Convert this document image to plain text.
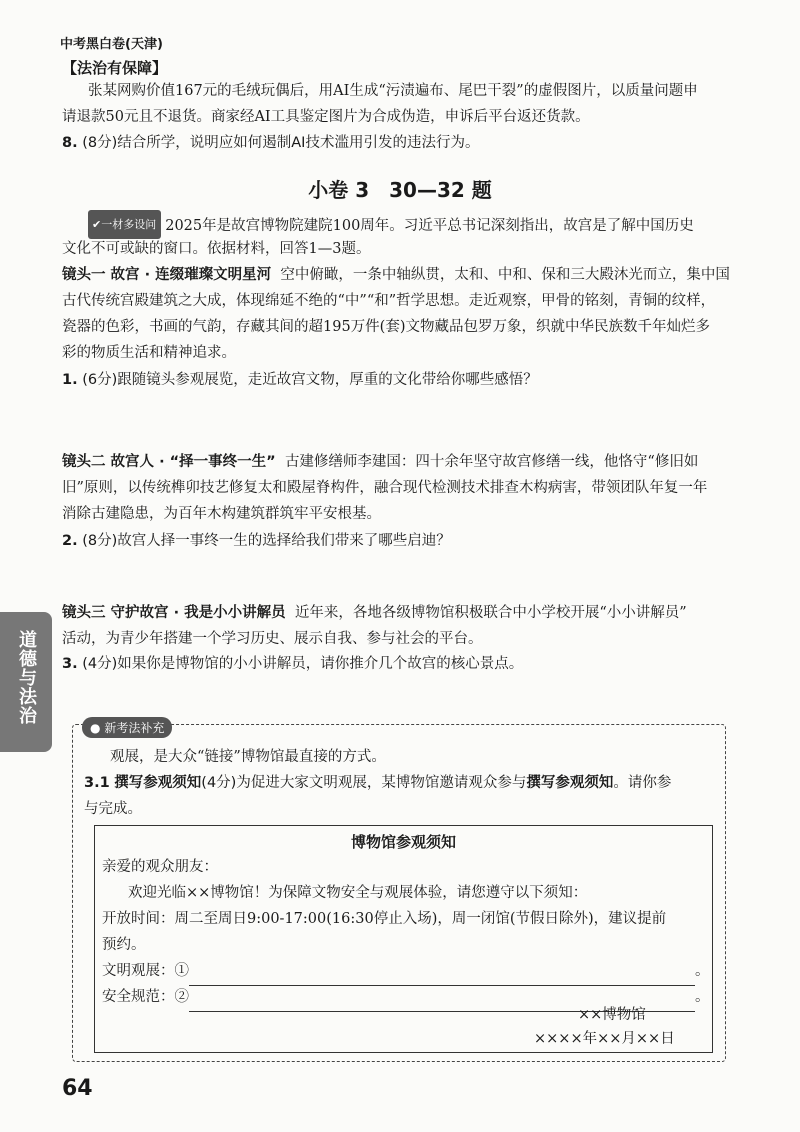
中考黑白卷(天津)
【法治有保障】
张某网购价值167元的毛绒玩偶后，用AI生成“污渍遍布、尾巴干裂”的虚假图片，以质量问题申
请退款50元且不退货。商家经AI工具鉴定图片为合成伪造，申诉后平台返还货款。
8. (8分)结合所学，说明应如何遏制AI技术滥用引发的违法行为。
小卷 3　30—32 题
✔一材多设问 2025年是故宫博物院建院100周年。习近平总书记深刻指出，故宫是了解中国历史
文化不可或缺的窗口。依据材料，回答1—3题。
镜头一 故宫 · 连缀璀璨文明星河 空中俯瞰，一条中轴纵贯，太和、中和、保和三大殿沐光而立，集中国
古代传统宫殿建筑之大成，体现绵延不绝的“中”“和”哲学思想。走近观察，甲骨的铭刻，青铜的纹样，
瓷器的色彩，书画的气韵，存藏其间的超195万件(套)文物藏品包罗万象，织就中华民族数千年灿烂多
彩的物质生活和精神追求。
1. (6分)跟随镜头参观展览，走近故宫文物，厚重的文化带给你哪些感悟？
镜头二 故宫人 · “择一事终一生” 古建修缮师李建国：四十余年坚守故宫修缮一线，他恪守“修旧如
旧”原则，以传统榫卯技艺修复太和殿屋脊构件，融合现代检测技术排查木构病害，带领团队年复一年
消除古建隐患，为百年木构建筑群筑牢平安根基。
2. (8分)故宫人择一事终一生的选择给我们带来了哪些启迪？
镜头三 守护故宫 · 我是小小讲解员 近年来，各地各级博物馆积极联合中小学校开展“小小讲解员”
活动，为青少年搭建一个学习历史、展示自我、参与社会的平台。
3. (4分)如果你是博物馆的小小讲解员，请你推介几个故宫的核心景点。
道德与法治
● 新考法补充
观展，是大众“链接”博物馆最直接的方式。
3.1 撰写参观须知(4分)为促进大家文明观展，某博物馆邀请观众参与撰写参观须知。请你参
与完成。
博物馆参观须知
亲爱的观众朋友：
欢迎光临××博物馆！为保障文物安全与观展体验，请您遵守以下须知：
开放时间：周二至周日9:00-17:00(16:30停止入场)，周一闭馆(节假日除外)，建议提前
预约。
文明观展：①	。
安全规范：②	。
××博物馆
××××年××月××日
64
